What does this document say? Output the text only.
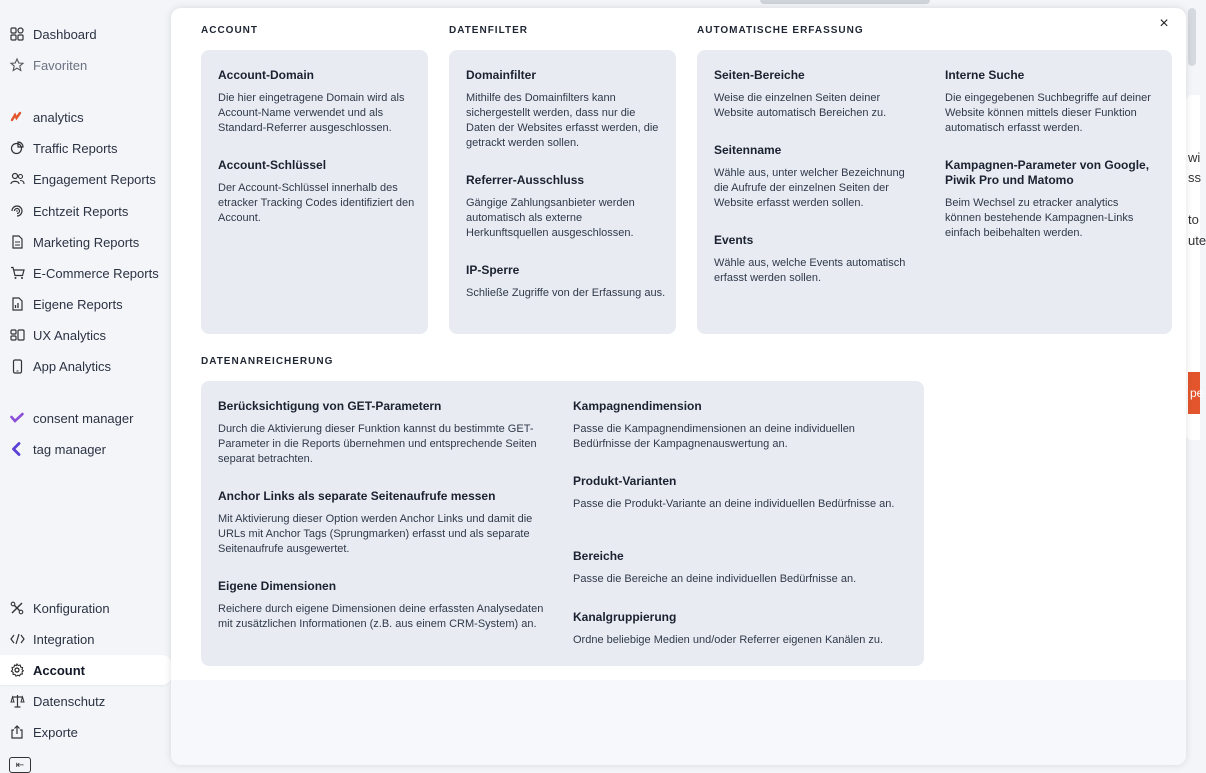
Dashboard
Favoriten
analytics
Traffic Reports
Engagement Reports
Echtzeit Reports
Marketing Reports
E-Commerce Reports
Eigene Reports
UX Analytics
App Analytics
consent manager
tag manager
Konfiguration
Integration
Account
Datenschutz
Exporte
⇤
wi
ss
to
ute
pe
×
ACCOUNT
Account-Domain
Die hier eingetragene Domain wird als Account-Name verwendet und als Standard-Referrer ausgeschlossen.
Account-Schlüssel
Der Account-Schlüssel innerhalb des etracker Tracking Codes identifiziert den Account.
DATENFILTER
Domainfilter
Mithilfe des Domainfilters kann sichergestellt werden, dass nur die Daten der Websites erfasst werden, die getrackt werden sollen.
Referrer-Ausschluss
Gängige Zahlungsanbieter werden automatisch als externe Herkunftsquellen ausgeschlossen.
IP-Sperre
Schließe Zugriffe von der Erfassung aus.
AUTOMATISCHE ERFASSUNG
Seiten-Bereiche
Weise die einzelnen Seiten deiner Website automatisch Bereichen zu.
Seitenname
Wähle aus, unter welcher Bezeichnung die Aufrufe der einzelnen Seiten der Website erfasst werden sollen.
Events
Wähle aus, welche Events automatisch erfasst werden sollen.
Interne Suche
Die eingegebenen Suchbegriffe auf deiner Website können mittels dieser Funktion automatisch erfasst werden.
Kampagnen-Parameter von Google, Piwik Pro und Matomo
Beim Wechsel zu etracker analytics können bestehende Kampagnen-Links einfach beibehalten werden.
DATENANREICHERUNG
Berücksichtigung von GET-Parametern
Durch die Aktivierung dieser Funktion kannst du bestimmte GET-Parameter in die Reports übernehmen und entsprechende Seiten separat betrachten.
Anchor Links als separate Seitenaufrufe messen
Mit Aktivierung dieser Option werden Anchor Links und damit die URLs mit Anchor Tags (Sprungmarken) erfasst und als separate Seitenaufrufe ausgewertet.
Eigene Dimensionen
Reichere durch eigene Dimensionen deine erfassten Analysedaten mit zusätzlichen Informationen (z.B. aus einem CRM-System) an.
Kampagnendimension
Passe die Kampagnendimensionen an deine individuellen Bedürfnisse der Kampagnenauswertung an.
Produkt-Varianten
Passe die Produkt-Variante an deine individuellen Bedürfnisse an.
Bereiche
Passe die Bereiche an deine individuellen Bedürfnisse an.
Kanalgruppierung
Ordne beliebige Medien und/oder Referrer eigenen Kanälen zu.
